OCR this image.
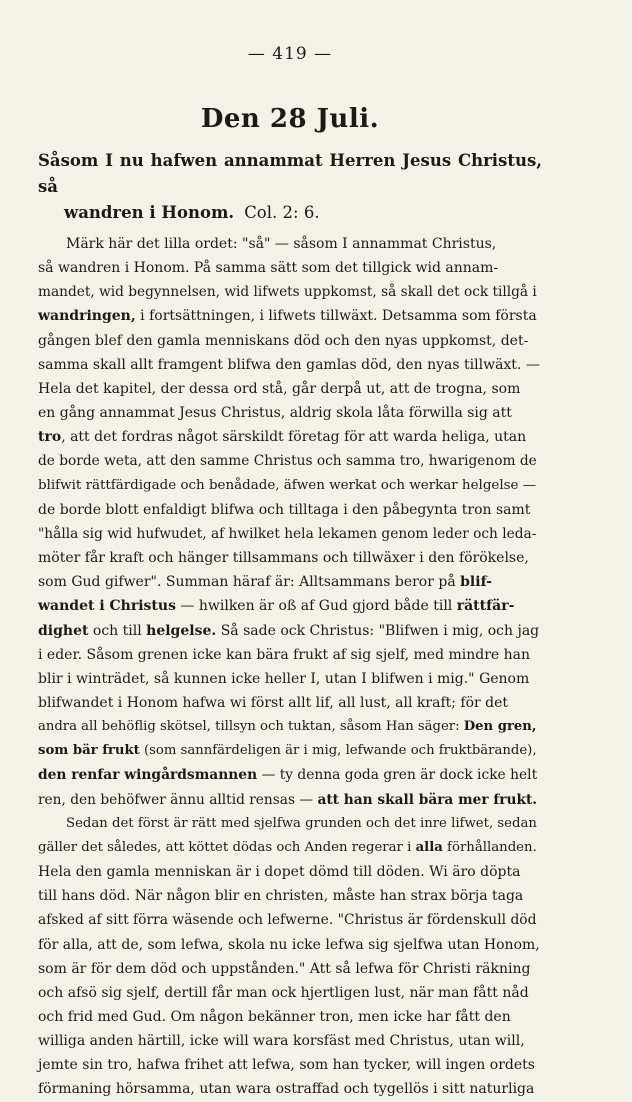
— 419 —
Den 28 Juli.
Såsom I nu hafwen annammat Herren Jesus Christus, så
wandren i Honom. Col. 2: 6.
Märk här det lilla ordet: "så" — såsom I annammat Christus,
så wandren i Honom. På samma sätt som det tillgick wid annam-
mandet, wid begynnelsen, wid lifwets uppkomst, så skall det ock tillgå i
wandringen, i fortsättningen, i lifwets tillwäxt. Detsamma som första
gången blef den gamla menniskans död och den nyas uppkomst, det-
samma skall allt framgent blifwa den gamlas död, den nyas tillwäxt. —
Hela det kapitel, der dessa ord stå, går derpå ut, att de trogna, som
en gång annammat Jesus Christus, aldrig skola låta förwilla sig att
tro, att det fordras något särskildt företag för att warda heliga, utan
de borde weta, att den samme Christus och samma tro, hwarigenom de
blifwit rättfärdigade och benådade, äfwen werkat och werkar helgelse —
de borde blott enfaldigt blifwa och tilltaga i den påbegynta tron samt
"hålla sig wid hufwudet, af hwilket hela lekamen genom leder och leda-
möter får kraft och hänger tillsammans och tillwäxer i den förökelse,
som Gud gifwer". Summan häraf är: Alltsammans beror på blif-
wandet i Christus — hwilken är oß af Gud gjord både till rättfär-
dighet och till helgelse. Så sade ock Christus: "Blifwen i mig, och jag
i eder. Såsom grenen icke kan bära frukt af sig sjelf, med mindre han
blir i winträdet, så kunnen icke heller I, utan I blifwen i mig." Genom
blifwandet i Honom hafwa wi först allt lif, all lust, all kraft; för det
andra all behöflig skötsel, tillsyn och tuktan, såsom Han säger: Den gren,
som bär frukt (som sannfärdeligen är i mig, lefwande och fruktbärande),
den renfar wingårdsmannen — ty denna goda gren är dock icke helt
ren, den behöfwer ännu alltid rensas — att han skall bära mer frukt.
Sedan det först är rätt med sjelfwa grunden och det inre lifwet, sedan
gäller det således, att köttet dödas och Anden regerar i alla förhållanden.
Hela den gamla menniskan är i dopet dömd till döden. Wi äro döpta
till hans död. När någon blir en christen, måste han strax börja taga
afsked af sitt förra wäsende och lefwerne. "Christus är fördenskull död
för alla, att de, som lefwa, skola nu icke lefwa sig sjelfwa utan Honom,
som är för dem död och uppstånden." Att så lefwa för Christi räkning
och afsö sig sjelf, dertill får man ock hjertligen lust, när man fått nåd
och frid med Gud. Om någon bekänner tron, men icke har fått den
williga anden härtill, icke will wara korsfäst med Christus, utan will,
jemte sin tro, hafwa frihet att lefwa, som han tycker, will ingen ordets
förmaning hörsamma, utan wara ostraffad och tygellös i sitt naturliga
